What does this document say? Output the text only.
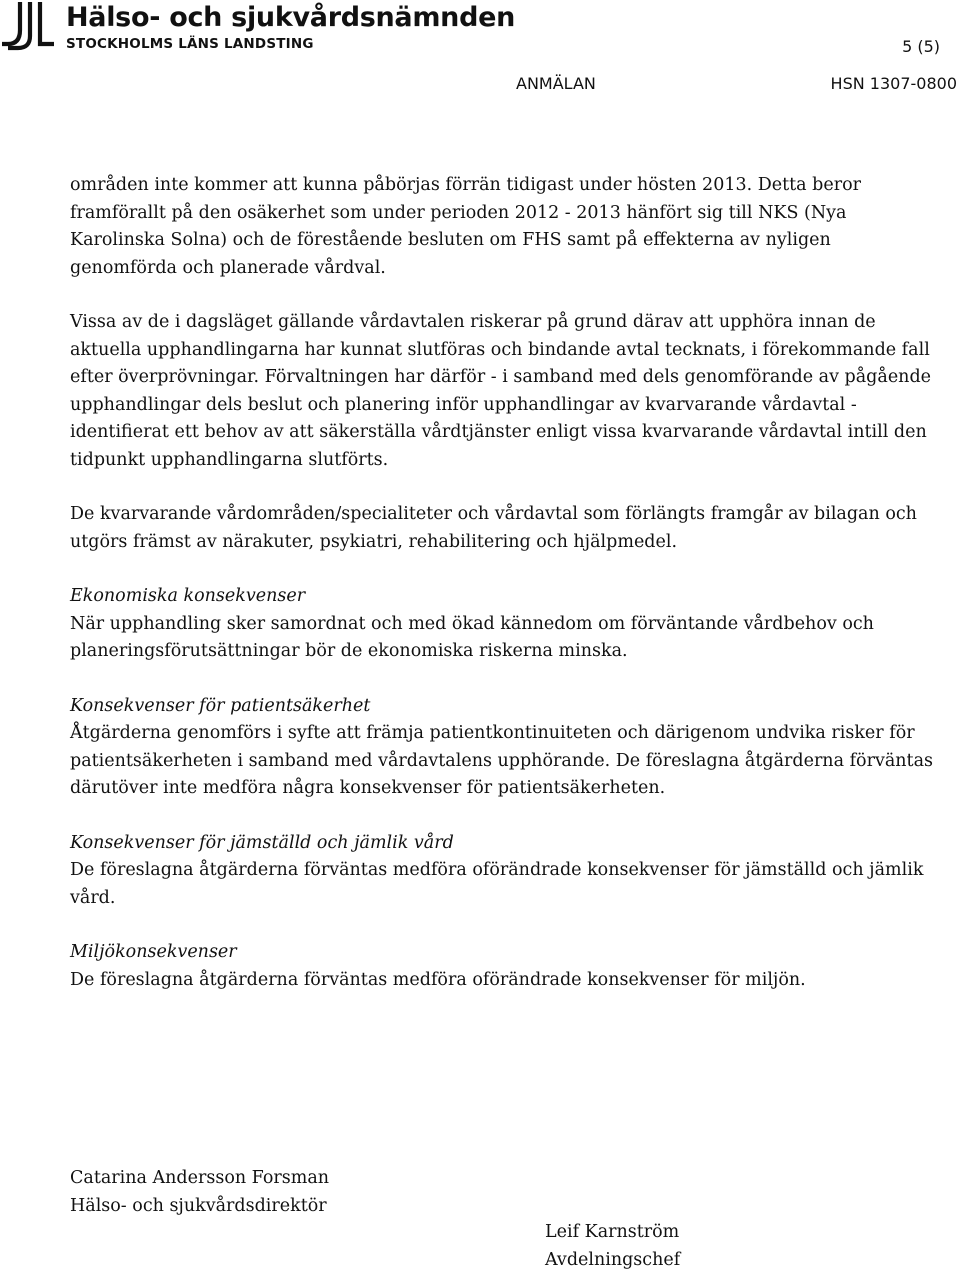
Hälso- och sjukvårdsnämnden
STOCKHOLMS LÄNS LANDSTING	5 (5)
ANMÄLAN	HSN 1307-0800

områden inte kommer att kunna påbörjas förrän tidigast under hösten 2013. Detta beror framförallt på den osäkerhet som under perioden 2012 - 2013 hänfört sig till NKS (Nya Karolinska Solna) och de förestående besluten om FHS samt på effekterna av nyligen genomförda och planerade vårdval.

Vissa av de i dagsläget gällande vårdavtalen riskerar på grund därav att upphöra innan de aktuella upphandlingarna har kunnat slutföras och bindande avtal tecknats, i förekommande fall efter överprövningar. Förvaltningen har därför - i samband med dels genomförande av pågående upphandlingar dels beslut och planering inför upphandlingar av kvarvarande vårdavtal - identifierat ett behov av att säkerställa vårdtjänster enligt vissa kvarvarande vårdavtal intill den tidpunkt upphandlingarna slutförts.

De kvarvarande vårdområden/specialiteter och vårdavtal som förlängts framgår av bilagan och utgörs främst av närakuter, psykiatri, rehabilitering och hjälpmedel.

Ekonomiska konsekvenser
När upphandling sker samordnat och med ökad kännedom om förväntande vårdbehov och planeringsförutsättningar bör de ekonomiska riskerna minska.

Konsekvenser för patientsäkerhet
Åtgärderna genomförs i syfte att främja patientkontinuiteten och därigenom undvika risker för patientsäkerheten i samband med vårdavtalens upphörande. De föreslagna åtgärderna förväntas därutöver inte medföra några konsekvenser för patientsäkerheten.

Konsekvenser för jämställd och jämlik vård
De föreslagna åtgärderna förväntas medföra oförändrade konsekvenser för jämställd och jämlik vård.

Miljökonsekvenser
De föreslagna åtgärderna förväntas medföra oförändrade konsekvenser för miljön.

Catarina Andersson Forsman
Hälso- och sjukvårdsdirektör
Leif Karnström
Avdelningschef
